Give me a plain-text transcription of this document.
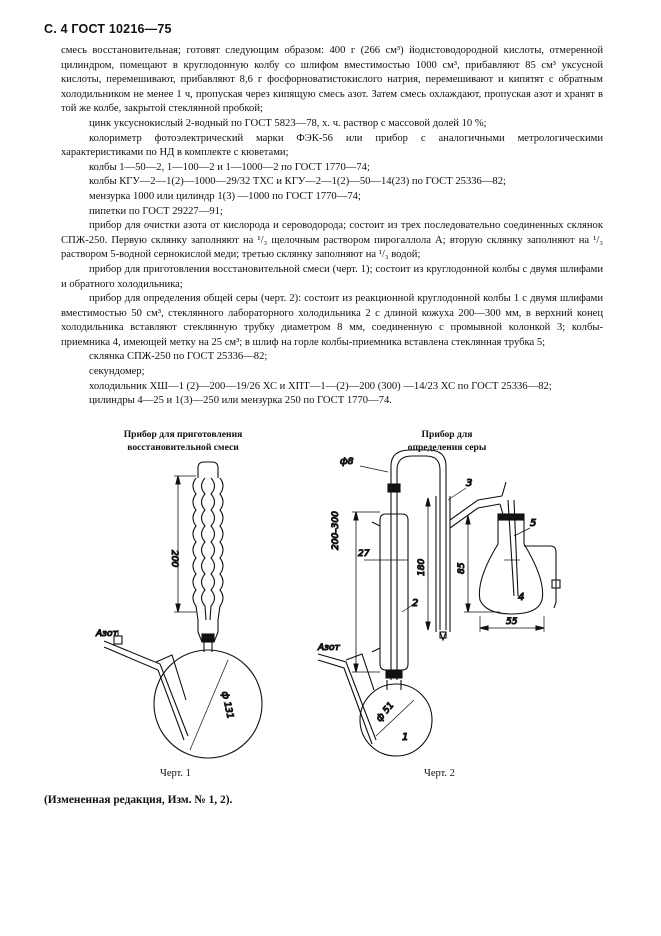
С. 4 ГОСТ 10216—75

смесь восстановительная; готовят следующим образом: 400 г (266 см³) йодистоводородной кислоты, отмеренной цилиндром, помещают в круглодонную колбу со шлифом вместимостью 1000 см³, прибавляют 85 см³ уксусной кислоты, перемешивают, прибавляют 8,6 г фосфорноватистокислого натрия, перемешивают и кипятят с обратным холодильником не менее 1 ч, пропуская через кипящую смесь азот. Затем смесь охлаждают, пропуская азот и хранят в той же колбе, закрытой стеклянной пробкой;

цинк уксуснокислый 2-водный по ГОСТ 5823—78, х. ч. раствор с массовой долей 10 %;

колориметр фотоэлектрический марки ФЭК-56 или прибор с аналогичными метрологическими характеристиками по НД в комплекте с кюветами;

колбы 1—50—2, 1—100—2 и 1—1000—2 по ГОСТ 1770—74;

колбы КГУ—2—1(2)—1000—29/32 ТХС и КГУ—2—1(2)—50—14(23) по ГОСТ 25336—82;

мензурка 1000 или цилиндр 1(3) —1000 по ГОСТ 1770—74;

пипетки по ГОСТ 29227—91;

прибор для очистки азота от кислорода и сероводорода; состоит из трех последовательно соединенных склянок СПЖ-250. Первую склянку заполняют на ¹/₃ щелочным раствором пирогаллола А; вторую склянку заполняют на ¹/₃ раствором 5-водной сернокислой меди; третью склянку заполняют на ¹/₃ водой;

прибор для приготовления восстановительной смеси (черт. 1); состоит из круглодонной колбы с двумя шлифами и обратного холодильника;

прибор для определения общей серы (черт. 2): состоит из реакционной круглодонной колбы 1 с двумя шлифами вместимостью 50 см³, стеклянного лабораторного холодильника 2 с длиной кожуха 200—300 мм, в верхний конец холодильника вставляют стеклянную трубку диаметром 8 мм, соединенную с промывной колонкой 3; колбы-приемника 4, имеющей метку на 25 см³; в шлиф на горле колбы-приемника вставлена стеклянная трубка 5;

склянка СПЖ-250 по ГОСТ 25336—82;

секундомер;

холодильник ХШ—1 (2)—200—19/26 ХС и ХПТ—1—(2)—200 (300) —14/23 ХС по ГОСТ 25336—82;

цилиндры 4—25 и 1(3)—250 или мензурка 250 по ГОСТ 1770—74.

Прибор для приготовления
восстановительной смеси
Прибор для
определения серы
200
ф 131
Азот
ф8
200–300
27
180	85
55
ф 51
Азот
1
2
3
4
5
Черт. 1	Черт. 2
(Измененная редакция, Изм. № 1, 2).
